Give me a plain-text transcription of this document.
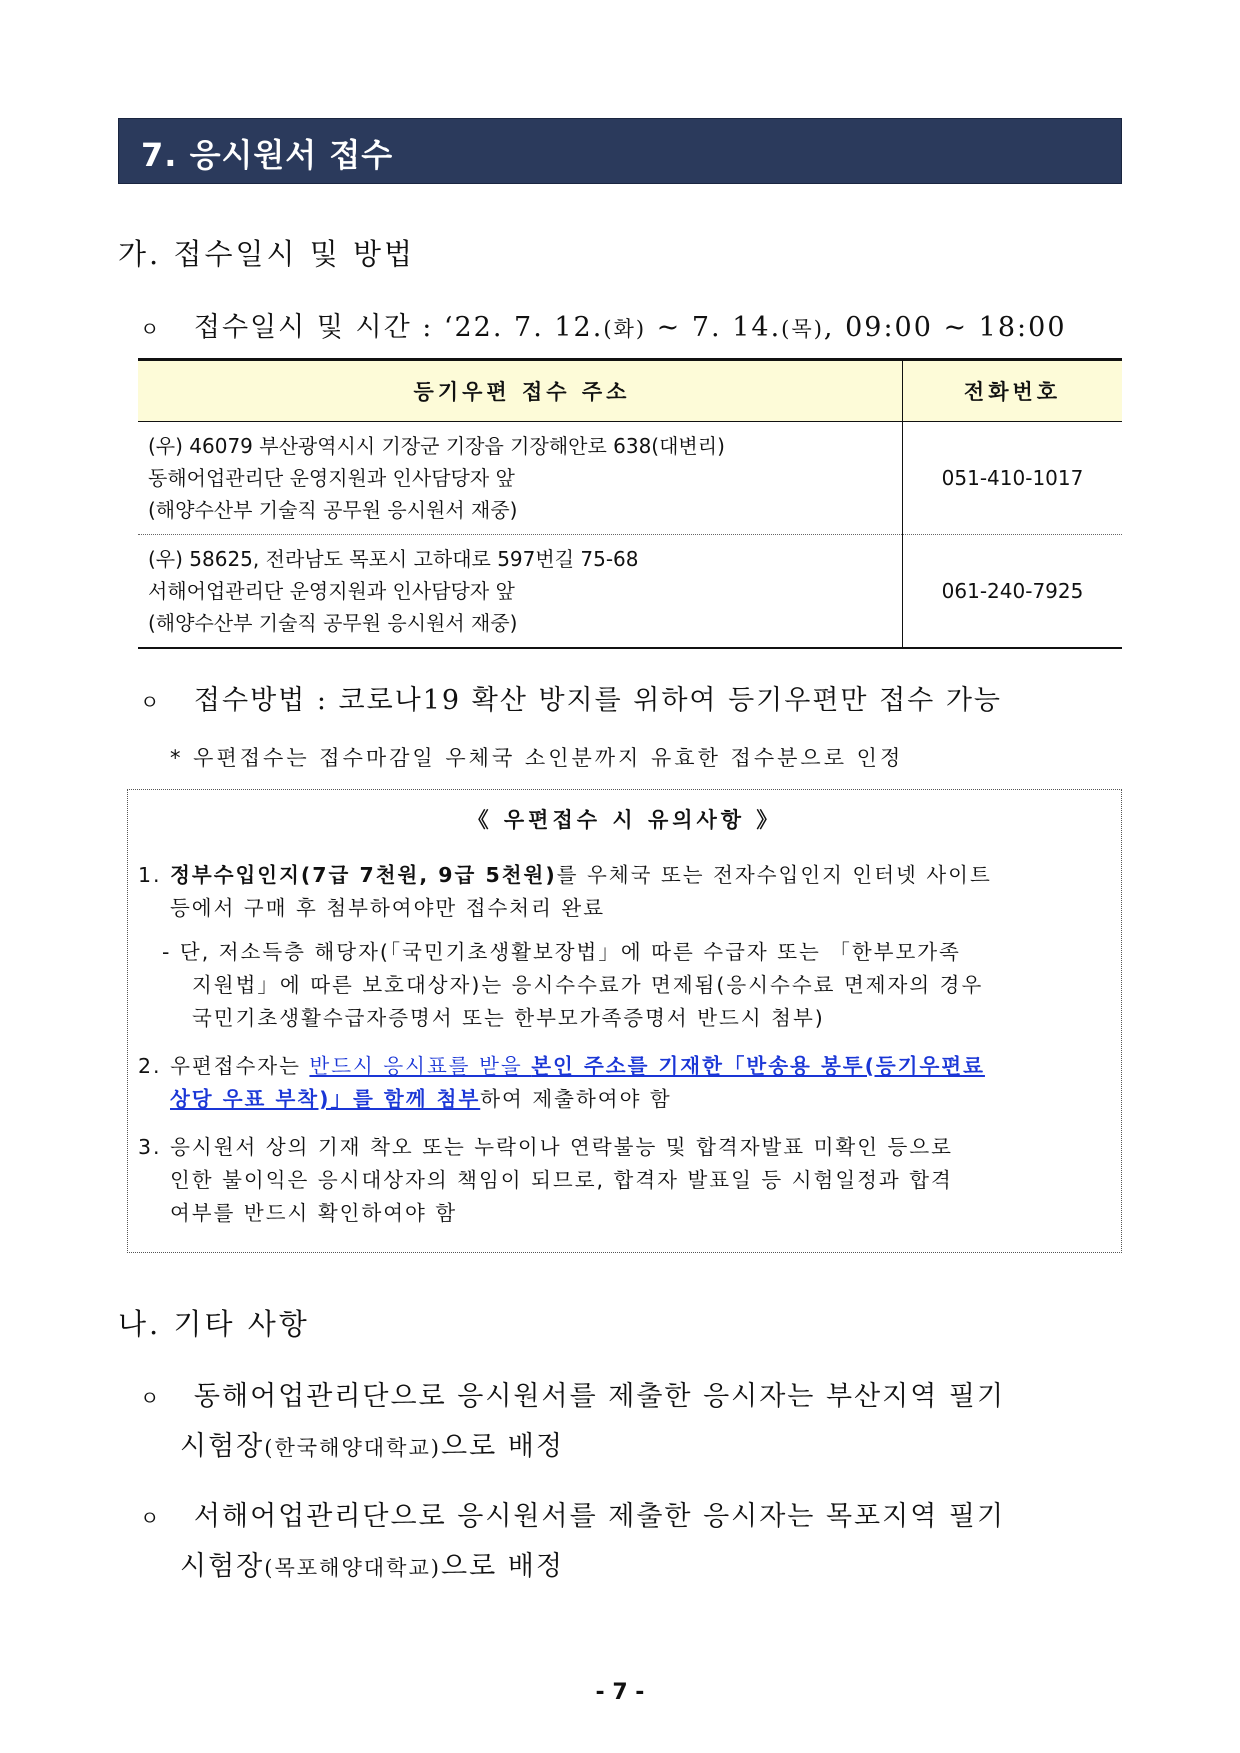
7. 응시원서 접수
가. 접수일시 및 방법
ㅇ 접수일시 및 시간 : ‘22. 7. 12.(화) ~ 7. 14.(목), 09:00 ~ 18:00
등기우편 접수 주소	전화번호

(우) 46079 부산광역시시 기장군 기장읍 기장해안로 638(대변리)
동해어업관리단 운영지원과 인사담당자 앞
(해양수산부 기술직 공무원 응시원서 재중)	051-410-1017

(우) 58625, 전라남도 목포시 고하대로 597번길 75-68
서해어업관리단 운영지원과 인사담당자 앞
(해양수산부 기술직 공무원 응시원서 재중)	061-240-7925
ㅇ 접수방법 : 코로나19 확산 방지를 위하여 등기우편만 접수 가능
* 우편접수는 접수마감일 우체국 소인분까지 유효한 접수분으로 인정
《 우편접수 시 유의사항 》
1. 정부수입인지(7급 7천원, 9급 5천원)를 우체국 또는 전자수입인지 인터넷 사이트
등에서 구매 후 첨부하여야만 접수처리 완료
- 단, 저소득층 해당자(「국민기초생활보장법」에 따른 수급자 또는 「한부모가족
지원법」에 따른 보호대상자)는 응시수수료가 면제됨(응시수수료 면제자의 경우
국민기초생활수급자증명서 또는 한부모가족증명서 반드시 첨부)
2. 우편접수자는 반드시 응시표를 받을 본인 주소를 기재한「반송용 봉투(등기우편료
상당 우표 부착)」를 함께 첨부하여 제출하여야 함
3. 응시원서 상의 기재 착오 또는 누락이나 연락불능 및 합격자발표 미확인 등으로
인한 불이익은 응시대상자의 책임이 되므로, 합격자 발표일 등 시험일정과 합격
여부를 반드시 확인하여야 함
나. 기타 사항
ㅇ 동해어업관리단으로 응시원서를 제출한 응시자는 부산지역 필기
시험장(한국해양대학교)으로 배정
ㅇ 서해어업관리단으로 응시원서를 제출한 응시자는 목포지역 필기
시험장(목포해양대학교)으로 배정
- 7 -
